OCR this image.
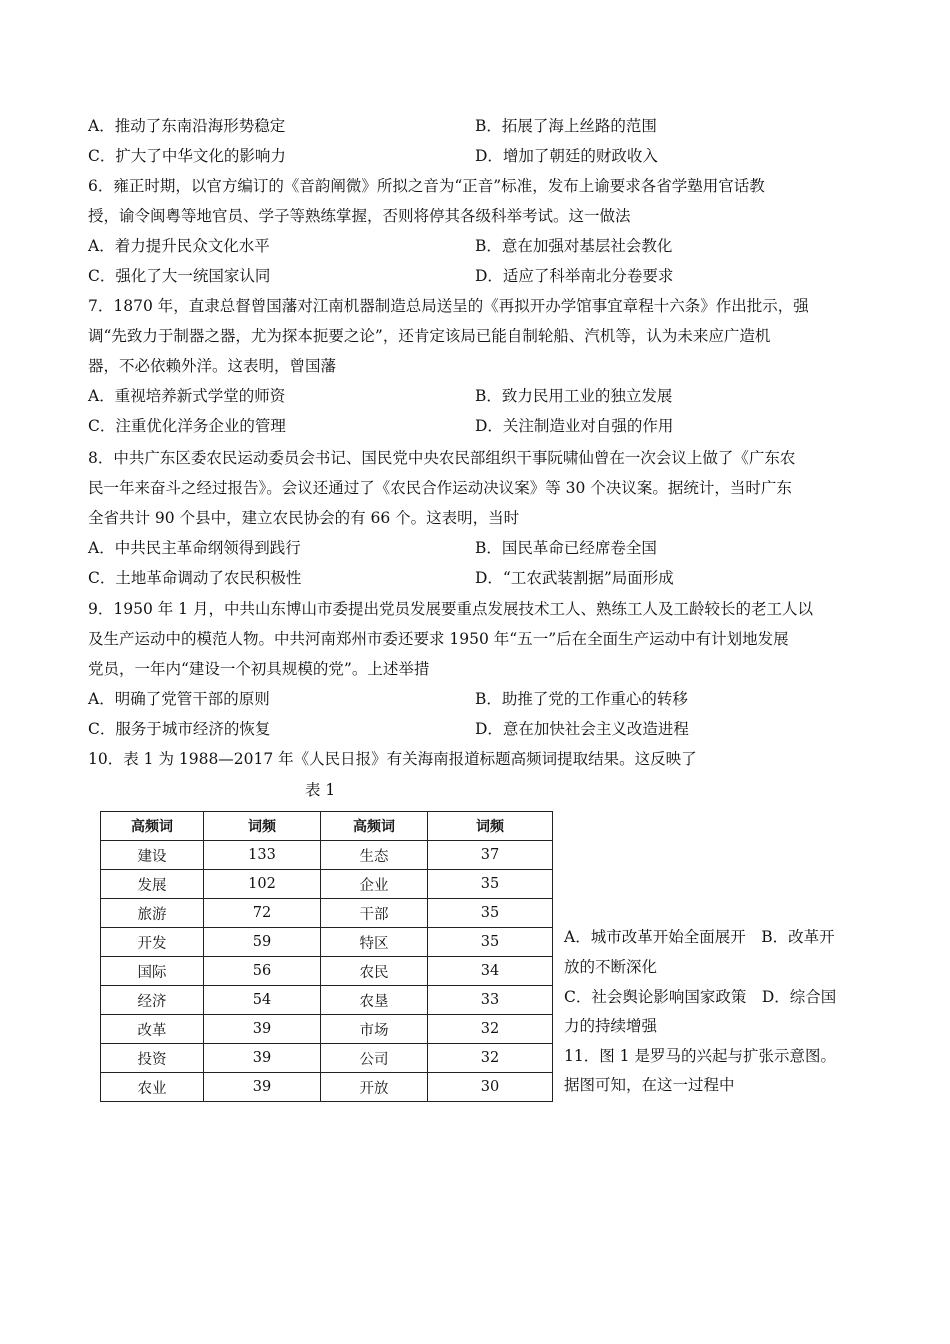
A．推动了东南沿海形势稳定	B．拓展了海上丝路的范围
C．扩大了中华文化的影响力	D．增加了朝廷的财政收入
6．雍正时期，以官方编订的《音韵阐微》所拟之音为“正音”标准，发布上谕要求各省学塾用官话教
授，谕令闽粤等地官员、学子等熟练掌握，否则将停其各级科举考试。这一做法
A．着力提升民众文化水平	B．意在加强对基层社会教化
C．强化了大一统国家认同	D．适应了科举南北分卷要求
7．1870 年，直隶总督曾国藩对江南机器制造总局送呈的《再拟开办学馆事宜章程十六条》作出批示，强
调“先致力于制器之器，尤为探本扼要之论”，还肯定该局已能自制轮船、汽机等，认为未来应广造机
器，不必依赖外洋。这表明，曾国藩
A．重视培养新式学堂的师资	B．致力民用工业的独立发展
C．注重优化洋务企业的管理	D．关注制造业对自强的作用
8．中共广东区委农民运动委员会书记、国民党中央农民部组织干事阮啸仙曾在一次会议上做了《广东农
民一年来奋斗之经过报告》。会议还通过了《农民合作运动决议案》等 30 个决议案。据统计，当时广东
全省共计 90 个县中，建立农民协会的有 66 个。这表明，当时
A．中共民主革命纲领得到践行	B．国民革命已经席卷全国
C．土地革命调动了农民积极性	D．“工农武装割据”局面形成
9．1950 年 1 月，中共山东博山市委提出党员发展要重点发展技术工人、熟练工人及工龄较长的老工人以
及生产运动中的模范人物。中共河南郑州市委还要求 1950 年“五一”后在全面生产运动中有计划地发展
党员，一年内“建设一个初具规模的党”。上述举措
A．明确了党管干部的原则	B．助推了党的工作重心的转移
C．服务于城市经济的恢复	D．意在加快社会主义改造进程
10．表 1 为 1988—2017 年《人民日报》有关海南报道标题高频词提取结果。这反映了
表 1
高频词	词频	高频词	词频
建设	133	生态	37
发展	102	企业	35
旅游	72	干部	35
开发	59	特区	35
国际	56	农民	34
经济	54	农垦	33
改革	39	市场	32
投资	39	公司	32
农业	39	开放	30
A．城市改革开始全面展开　B．改革开
放的不断深化
C．社会舆论影响国家政策　D．综合国
力的持续增强
11．图 1 是罗马的兴起与扩张示意图。
据图可知，在这一过程中
